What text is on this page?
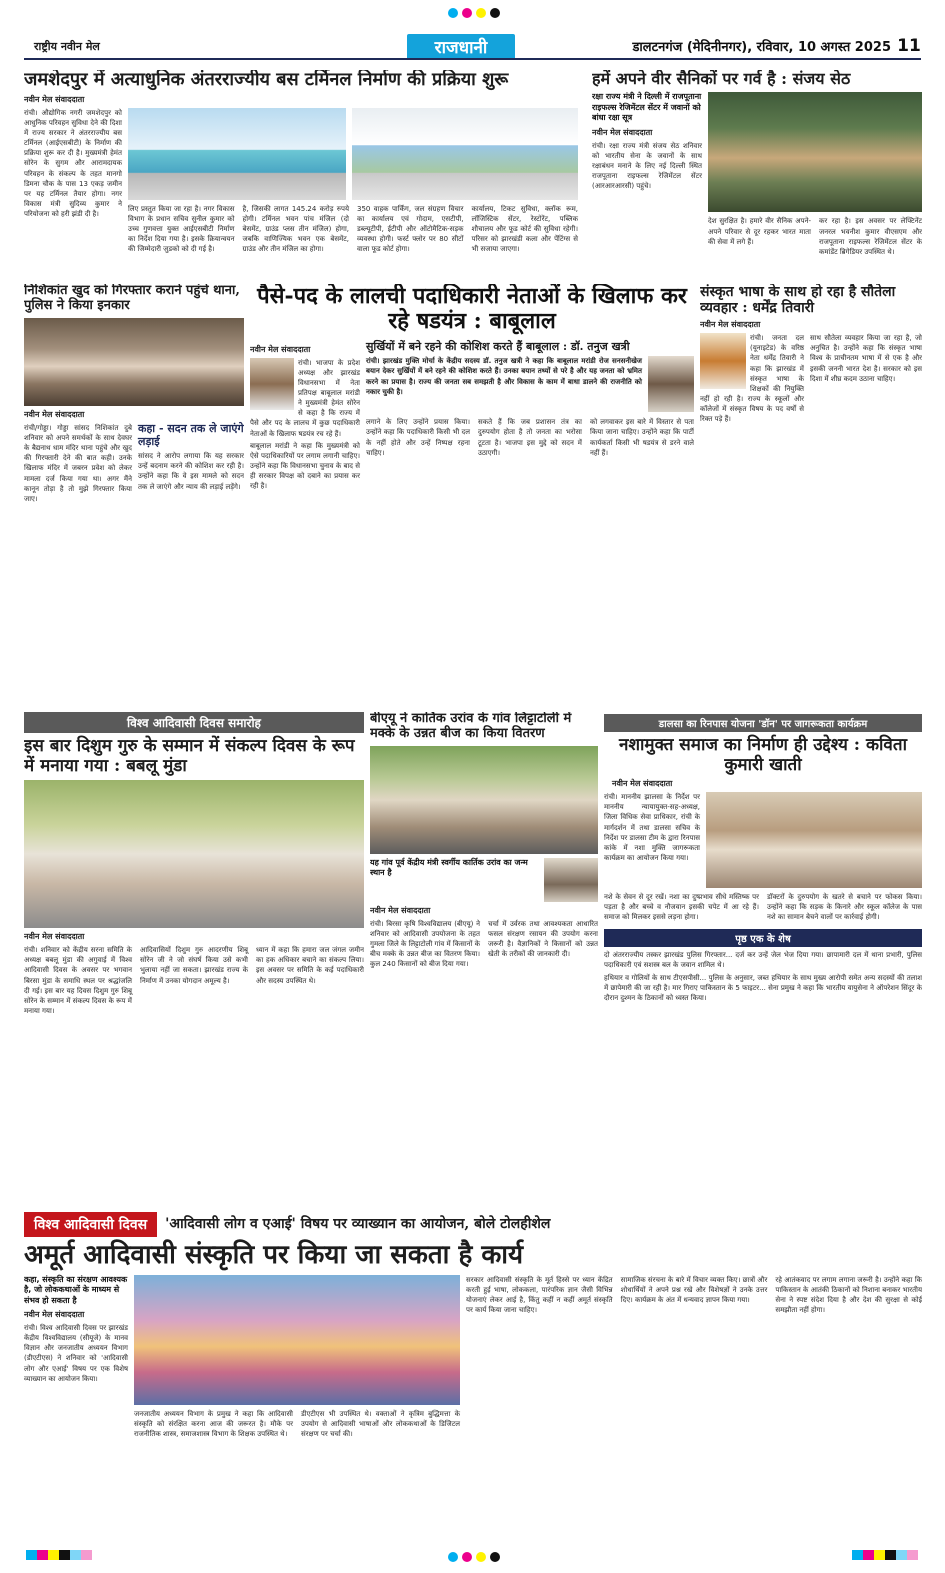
राष्ट्रीय नवीन मेल	राजधानी	डालटनगंज (मेदिनीनगर), रविवार, 10 अगस्त 2025 11
जमशेदपुर में अत्याधुनिक अंतरराज्यीय बस टर्मिनल निर्माण की प्रक्रिया शुरू
नवीन मेल संवाददाता
रांची। औद्योगिक नगरी जमशेदपुर को आधुनिक परिवहन सुविधा देने की दिशा में राज्य सरकार ने अंतरराज्यीय बस टर्मिनल (आईएसबीटी) के निर्माण की प्रक्रिया शुरू कर दी है। मुख्यमंत्री हेमंत सोरेन के सुगम और आरामदायक परिवहन के संकल्प के तहत मानगो डिमना चौक के पास 13 एकड़ जमीन पर यह टर्मिनल तैयार होगा। नगर विकास मंत्री सुदिव्य कुमार ने परियोजना को हरी झंडी दी है।
लिए प्रस्तुत किया जा रहा है। नगर विकास विभाग के प्रधान सचिव सुनील कुमार को उच्च गुणवत्ता युक्त आईएसबीटी निर्माण का निर्देश दिया गया है। इसके क्रियान्वयन की जिम्मेदारी जुडको को दी गई है।
है, जिसकी लागत 145.24 करोड़ रुपये होगी। टर्मिनल भवन पांच मंजिल (दो बेसमेंट, ग्राउंड प्लस तीन मंजिल) होगा, जबकि वाणिज्यिक भवन एक बेसमेंट, ग्राउंड और तीन मंजिल का होगा।
350 वाहक पार्किंग, जल संग्रहण विचार का कार्यालय एवं गोदाम, एसटीपी, डब्ल्यूटीपी, ईटीपी और ऑटोमैटिक-सड़क व्यवस्था होगी। फर्स्ट फ्लोर पर 80 सीटों वाला फूड कोर्ट होगा।
कार्यालय, टिकट सुविधा, क्लॉक रूम, लॉजिस्टिक सेंटर, रेस्टोरेंट, पब्लिक शौचालय और फूड कोर्ट की सुविधा रहेगी। परिसर को झारखंडी कला और पेंटिंग्स से भी सजाया जाएगा।
हमें अपने वीर सैनिकों पर गर्व है : संजय सेठ
रक्षा राज्य मंत्री ने दिल्ली में राजपूताना राइफल्स रेजिमेंटल सेंटर में जवानों को बांधा रक्षा सूत्र
नवीन मेल संवाददाता
रांची। रक्षा राज्य मंत्री संजय सेठ शनिवार को भारतीय सेना के जवानों के साथ रक्षाबंधन मनाने के लिए नई दिल्ली स्थित राजपूताना राइफल्स रेजिमेंटल सेंटर (आरआरआरसी) पहुंचे।
देश सुरक्षित है। हमारे वीर सैनिक अपने-अपने परिवार से दूर रहकर भारत माता की सेवा में लगे हैं।
कर रहा है। इस अवसर पर लेफ्टिनेंट जनरल भवनीश कुमार वीएसएम और राजपूताना राइफल्स रेजिमेंटल सेंटर के कमांडेंट ब्रिगेडियर उपस्थित थे।
निशिकांत खुद को गिरफ्तार कराने पहुंचे थाना, पुलिस ने किया इनकार
नवीन मेल संवाददाता
रांची/गोड्डा। गोड्डा सांसद निशिकांत दुबे शनिवार को अपने समर्थकों के साथ देवघर के बैद्यनाथ धाम मंदिर थाना पहुंचे और खुद की गिरफ्तारी देने की बात कही। उनके खिलाफ मंदिर में जबरन प्रवेश को लेकर मामला दर्ज किया गया था। अगर मैंने कानून तोड़ा है तो मुझे गिरफ्तार किया जाए।
कहा - सदन तक ले जाएंगे लड़ाई
सांसद ने आरोप लगाया कि यह सरकार उन्हें बदनाम करने की कोशिश कर रही है। उन्होंने कहा कि वे इस मामले को सदन तक ले जाएंगे और न्याय की लड़ाई लड़ेंगे।
पैसे-पद के लालची पदाधिकारी नेताओं के खिलाफ कर रहे षडयंत्र : बाबूलाल
नवीन मेल संवाददाता
रांची। भाजपा के प्रदेश अध्यक्ष और झारखंड विधानसभा में नेता प्रतिपक्ष बाबूलाल मरांडी ने मुख्यमंत्री हेमंत सोरेन से कहा है कि राज्य में पैसे और पद के लालच में कुछ पदाधिकारी नेताओं के खिलाफ षडयंत्र रच रहे हैं।
बाबूलाल मरांडी ने कहा कि मुख्यमंत्री को ऐसे पदाधिकारियों पर लगाम लगानी चाहिए। उन्होंने कहा कि विधानसभा चुनाव के बाद से ही सरकार विपक्ष को दबाने का प्रयास कर रही है।
सुर्खियों में बने रहने की कोशिश करते हैं बाबूलाल : डॉ. तनुज खत्री
रांची। झारखंड मुक्ति मोर्चा के केंद्रीय सदस्य डॉ. तनुज खत्री ने कहा कि बाबूलाल मरांडी रोज सनसनीखेज बयान देकर सुर्खियों में बने रहने की कोशिश करते हैं। उनका बयान तथ्यों से परे है और यह जनता को भ्रमित करने का प्रयास है। राज्य की जनता सब समझती है और विकास के काम में बाधा डालने की राजनीति को नकार चुकी है।
लगाने के लिए उन्होंने प्रयास किया। उन्होंने कहा कि पदाधिकारी किसी भी दल के नहीं होते और उन्हें निष्पक्ष रहना चाहिए।
सकते हैं कि जब प्रशासन तंत्र का दुरुपयोग होता है तो जनता का भरोसा टूटता है। भाजपा इस मुद्दे को सदन में उठाएगी।
को लगवाकर इस बारे में विस्तार से पता किया जाना चाहिए। उन्होंने कहा कि पार्टी कार्यकर्ता किसी भी षडयंत्र से डरने वाले नहीं हैं।
संस्कृत भाषा के साथ हो रहा है सौतेला व्यवहार : धर्मेंद्र तिवारी
नवीन मेल संवाददाता
रांची। जनता दल (यूनाइटेड) के वरिष्ठ नेता धर्मेंद्र तिवारी ने कहा कि झारखंड में संस्कृत भाषा के शिक्षकों की नियुक्ति नहीं हो रही है। राज्य के स्कूलों और कॉलेजों में संस्कृत विषय के पद वर्षों से रिक्त पड़े हैं।
साथ सौतेला व्यवहार किया जा रहा है, जो अनुचित है। उन्होंने कहा कि संस्कृत भाषा विश्व के प्राचीनतम भाषा में से एक है और इसकी जननी भारत देश है। सरकार को इस दिशा में शीघ्र कदम उठाना चाहिए।
विश्व आदिवासी दिवस समारोह
इस बार दिशुम गुरु के सम्मान में संकल्प दिवस के रूप में मनाया गया : बबलू मुंडा
नवीन मेल संवाददाता
रांची। शनिवार को केंद्रीय सरना समिति के अध्यक्ष बबलू मुंडा की अगुवाई में विश्व आदिवासी दिवस के अवसर पर भगवान बिरसा मुंडा के समाधि स्थल पर श्रद्धांजलि दी गई। इस बार यह दिवस दिशुम गुरु शिबू सोरेन के सम्मान में संकल्प दिवस के रूप में मनाया गया।
आदिवासियों दिशुम गुरु आदरणीय शिबू सोरेन जी ने जो संघर्ष किया उसे कभी भुलाया नहीं जा सकता। झारखंड राज्य के निर्माण में उनका योगदान अमूल्य है।
ध्यान में कहा कि हमारा जल जंगल जमीन का हक अधिकार बचाने का संकल्प लिया। इस अवसर पर समिति के कई पदाधिकारी और सदस्य उपस्थित थे।
बीएयू ने कार्तिक उरांव के गांव लिट्टाटोली में मक्के के उन्नत बीज का किया वितरण
यह गांव पूर्व केंद्रीय मंत्री स्वर्गीय कार्तिक उरांव का जन्म स्थान है
नवीन मेल संवाददाता
रांची। बिरसा कृषि विश्वविद्यालय (बीएयू) ने शनिवार को आदिवासी उपयोजना के तहत गुमला जिले के लिट्टाटोली गांव में किसानों के बीच मक्के के उन्नत बीज का वितरण किया। कुल 240 किसानों को बीज दिया गया।
चर्चा में उर्वरक तथा आवश्यकता आधारित फसल संरक्षण रसायन की उपयोग करना जरूरी है। वैज्ञानिकों ने किसानों को उन्नत खेती के तरीकों की जानकारी दी।
डालसा का रिनपास योजना 'डॉन' पर जागरूकता कार्यक्रम
नशामुक्त समाज का निर्माण ही उद्देश्य : कविता कुमारी खाती
नवीन मेल संवाददाता
रांची। माननीय झालसा के निर्देश पर माननीय न्यायायुक्त-सह-अध्यक्ष, जिला विधिक सेवा प्राधिकार, रांची के मार्गदर्शन में तथा डालसा सचिव के निर्देश पर डालसा टीम के द्वारा रिनपास कांके में नशा मुक्ति जागरूकता कार्यक्रम का आयोजन किया गया।
नशे के सेवन से दूर रखें। नशा का दुष्प्रभाव सीधे मस्तिष्क पर पड़ता है और बच्चे व नौजवान इसकी चपेट में आ रहे हैं। समाज को मिलकर इससे लड़ना होगा।
डॉक्टरों के दुरुपयोग के खतरे से बचाने पर फोकस किया। उन्होंने कहा कि सड़क के किनारे और स्कूल कॉलेज के पास नशे का सामान बेचने वालों पर कार्रवाई होगी।
पृष्ठ एक के शेष
दो अंतरराज्यीय तस्कर झारखंड पुलिस गिरफ्तार... दर्ज कर उन्हें जेल भेज दिया गया। छापामारी दल में थाना प्रभारी, पुलिस पदाधिकारी एवं सशस्त्र बल के जवान शामिल थे।
हथियार व गोलियों के साथ टीएसपीसी... पुलिस के अनुसार, जब्त हथियार के साथ मुख्य आरोपी समेत अन्य सदस्यों की तलाश में छापेमारी की जा रही है। मार गिराए पाकिस्तान के 5 फाइटर... सेना प्रमुख ने कहा कि भारतीय वायुसेना ने ऑपरेशन सिंदूर के दौरान दुश्मन के ठिकानों को ध्वस्त किया।
विश्व आदिवासी दिवस	'आदिवासी लोग व एआई' विषय पर व्याख्यान का आयोजन, बोले टोलहीशेल
अमूर्त आदिवासी संस्कृति पर किया जा सकता है कार्य
कहा, संस्कृति का संरक्षण आवश्यक है, जो लोककथाओं के माध्यम से संभव हो सकता है
नवीन मेल संवाददाता
रांची। विश्व आदिवासी दिवस पर झारखंड केंद्रीय विश्वविद्यालय (सीयूजे) के मानव विज्ञान और जनजातीय अध्ययन विभाग (डीएटीएस) ने शनिवार को 'आदिवासी लोग और एआई' विषय पर एक विशेष व्याख्यान का आयोजन किया।
जनजातीय अध्ययन विभाग के प्रमुख ने कहा कि आदिवासी संस्कृति को संरक्षित करना आज की जरूरत है। मौके पर राजनीतिक शास्त्र, समाजशास्त्र विभाग के शिक्षक उपस्थित थे।
डीएटीएस भी उपस्थित थे। वक्ताओं ने कृत्रिम बुद्धिमत्ता के उपयोग से आदिवासी भाषाओं और लोककथाओं के डिजिटल संरक्षण पर चर्चा की।
सरकार आदिवासी संस्कृति के मूर्त हिस्से पर ध्यान केंद्रित करती हुई भाषा, लोककला, पारंपरिक ज्ञान जैसी विभिन्न योजनाएं लेकर आई है, किंतु कहीं न कहीं अमूर्त संस्कृति पर कार्य किया जाना चाहिए।
सामाजिक संरचना के बारे में विचार व्यक्त किए। छात्रों और शोधार्थियों ने अपने प्रश्न रखे और विशेषज्ञों ने उनके उत्तर दिए। कार्यक्रम के अंत में धन्यवाद ज्ञापन किया गया।
रहे आतंकवाद पर लगाम लगाना जरूरी है। उन्होंने कहा कि पाकिस्तान के आतंकी ठिकानों को निशाना बनाकर भारतीय सेना ने स्पष्ट संदेश दिया है और देश की सुरक्षा से कोई समझौता नहीं होगा।
